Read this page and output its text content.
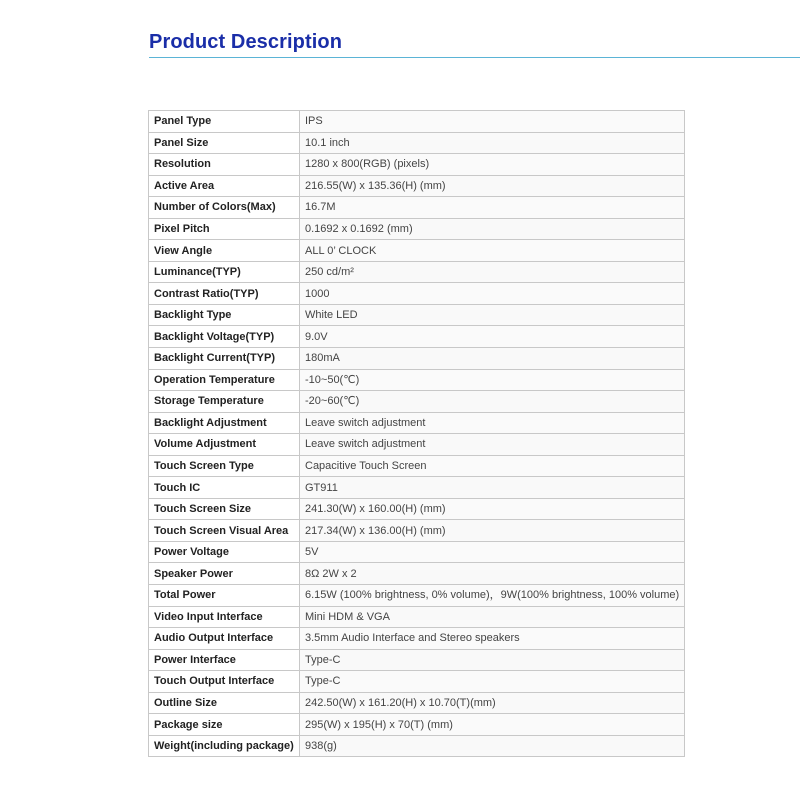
Product Description
Panel Type	IPS
Panel Size	10.1 inch
Resolution	1280 x 800(RGB) (pixels)
Active Area	216.55(W) x 135.36(H) (mm)
Number of Colors(Max)	16.7M
Pixel Pitch	0.1692 x 0.1692 (mm)
View Angle	ALL 0’ CLOCK
Luminance(TYP)	250 cd/m²
Contrast Ratio(TYP)	1000
Backlight Type	White LED
Backlight Voltage(TYP)	9.0V
Backlight Current(TYP)	180mA
Operation Temperature	-10~50(℃)
Storage Temperature	-20~60(℃)
Backlight Adjustment	Leave switch adjustment
Volume Adjustment	Leave switch adjustment
Touch Screen Type	Capacitive Touch Screen
Touch IC	GT911
Touch Screen Size	241.30(W) x 160.00(H) (mm)
Touch Screen Visual Area	217.34(W) x 136.00(H) (mm)
Power Voltage	5V
Speaker Power	8Ω 2W x 2
Total Power	6.15W (100% brightness, 0% volume)，9W(100% brightness, 100% volume)
Video Input Interface	Mini HDM & VGA
Audio Output Interface	3.5mm Audio Interface and Stereo speakers
Power Interface	Type-C
Touch Output Interface	Type-C
Outline Size	242.50(W) x 161.20(H) x 10.70(T)(mm)
Package size	295(W) x 195(H) x 70(T) (mm)
Weight(including package)	938(g)
